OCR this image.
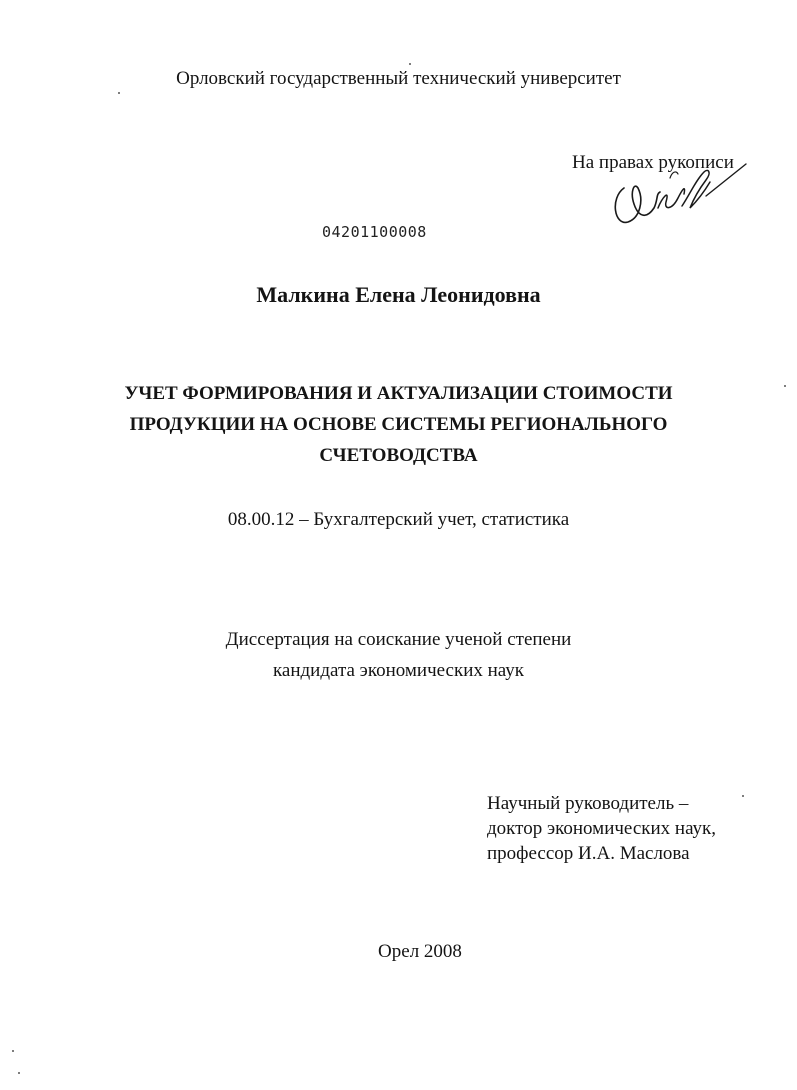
Орловский государственный технический университет
На правах рукописи
04201100008
Малкина Елена Леонидовна
УЧЕТ ФОРМИРОВАНИЯ И АКТУАЛИЗАЦИИ СТОИМОСТИ
ПРОДУКЦИИ НА ОСНОВЕ СИСТЕМЫ РЕГИОНАЛЬНОГО
СЧЕТОВОДСТВА
08.00.12 – Бухгалтерский учет, статистика
Диссертация на соискание ученой степени
кандидата экономических наук
Научный руководитель –
доктор экономических наук,
профессор И.А. Маслова
Орел 2008
